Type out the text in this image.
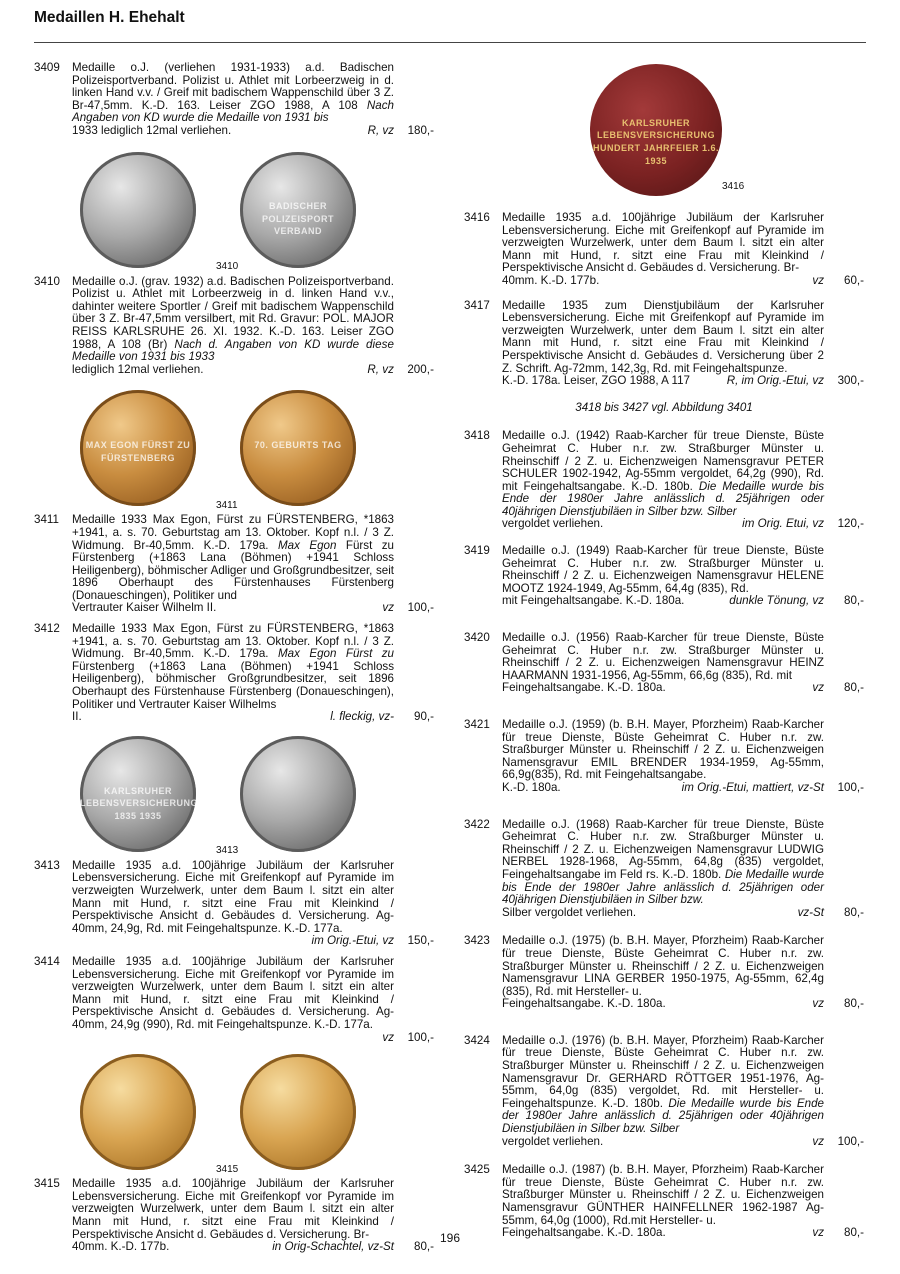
Medaillen H. Ehehalt
3409 Medaille o.J. (verliehen 1931-1933) a.d. Badischen Polizeisportverband. Polizist u. Athlet mit Lorbeerzweig in d. linken Hand v.v. / Greif mit badischem Wappenschild über 3 Z. Br-47,5mm. K.-D. 163. Leiser ZGO 1988, A 108 Nach Angaben von KD wurde die Medaille von 1931 bis
1933 lediglich 12mal verliehen.	R, vz 180,-
BADISCHER POLIZEISPORT VERBAND
3410
3410 Medaille o.J. (grav. 1932) a.d. Badischen Polizeisportverband. Polizist u. Athlet mit Lorbeerzweig in d. linken Hand v.v., dahinter weitere Sportler / Greif mit badischem Wappenschild über 3 Z. Br-47,5mm versilbert, mit Rd. Gravur: POL. MAJOR REISS KARLSRUHE 26. XI. 1932. K.-D. 163. Leiser ZGO 1988, A 108 (Br) Nach d. Angaben von KD wurde diese Medaille von 1931 bis 1933
lediglich 12mal verliehen.	R, vz 200,-
MAX EGON FÜRST ZU FÜRSTENBERG
70. GEBURTS TAG
3411
3411 Medaille 1933 Max Egon, Fürst zu FÜRSTENBERG, *1863 +1941, a. s. 70. Geburtstag am 13. Oktober. Kopf n.l. / 3 Z. Widmung. Br-40,5mm. K.-D. 179a. Max Egon Fürst zu Fürstenberg (+1863 Lana (Böhmen) +1941 Schloss Heiligenberg), böhmischer Adliger und Großgrundbesitzer, seit 1896 Oberhaupt des Fürstenhauses Fürstenberg (Donaueschingen), Politiker und
Vertrauter Kaiser Wilhelm II.	vz 100,-
3412 Medaille 1933 Max Egon, Fürst zu FÜRSTENBERG, *1863 +1941, a. s. 70. Geburtstag am 13. Oktober. Kopf n.l. / 3 Z. Widmung. Br-40,5mm. K.-D. 179a. Max Egon Fürst zu Fürstenberg (+1863 Lana (Böhmen) +1941 Schloss Heiligenberg), böhmischer Großgrundbesitzer, seit 1896 Oberhaupt des Fürstenhause Fürstenberg (Donaueschingen), Politiker und Vertrauter Kaiser Wilhelms
II.	l. fleckig, vz- 90,-
KARLSRUHER LEBENSVERSICHERUNG 1835 1935
3413
3413 Medaille 1935 a.d. 100jährige Jubiläum der Karlsruher Lebensversicherung. Eiche mit Greifenkopf auf Pyramide im verzweigten Wurzelwerk, unter dem Baum l. sitzt ein alter Mann mit Hund, r. sitzt eine Frau mit Kleinkind / Perspektivische Ansicht d. Gebäudes d. Versicherung. Ag-40mm, 24,9g, Rd. mit Feingehaltspunze. K.-D. 177a.
im Orig.-Etui, vz 150,-
3414 Medaille 1935 a.d. 100jährige Jubiläum der Karlsruher Lebensversicherung. Eiche mit Greifenkopf vor Pyramide im verzweigten Wurzelwerk, unter dem Baum l. sitzt ein alter Mann mit Hund, r. sitzt eine Frau mit Kleinkind / Perspektivische Ansicht d. Gebäudes d. Versicherung. Ag-40mm, 24,9g (990), Rd. mit Feingehaltspunze. K.-D. 177a.
vz 100,-
3415
3415 Medaille 1935 a.d. 100jährige Jubiläum der Karlsruher Lebensversicherung. Eiche mit Greifenkopf vor Pyramide im verzweigten Wurzelwerk, unter dem Baum l. sitzt ein alter Mann mit Hund, r. sitzt eine Frau mit Kleinkind / Perspektivische Ansicht d. Gebäudes d. Versicherung. Br-
40mm. K.-D. 177b.	in Orig-Schachtel, vz-St 80,-
KARLSRUHER LEBENSVERSICHERUNG HUNDERT JAHRFEIER 1.6. 1935
3416
3416 Medaille 1935 a.d. 100jährige Jubiläum der Karlsruher Lebensversicherung. Eiche mit Greifenkopf auf Pyramide im verzweigten Wurzelwerk, unter dem Baum l. sitzt ein alter Mann mit Hund, r. sitzt eine Frau mit Kleinkind / Perspektivische Ansicht d. Gebäudes d. Versicherung. Br-
40mm. K.-D. 177b.	vz 60,-
3417 Medaille 1935 zum Dienstjubiläum der Karlsruher Lebensversicherung. Eiche mit Greifenkopf auf Pyramide im verzweigten Wurzelwerk, unter dem Baum l. sitzt ein alter Mann mit Hund, r. sitzt eine Frau mit Kleinkind / Perspektivische Ansicht d. Gebäudes d. Versicherung über 2 Z. Schrift. Ag-72mm, 142,3g, Rd. mit Feingehaltspunze.
K.-D. 178a. Leiser, ZGO 1988, A 117	R, im Orig.-Etui, vz 300,-
3418 bis 3427 vgl. Abbildung 3401
3418 Medaille o.J. (1942) Raab-Karcher für treue Dienste, Büste Geheimrat C. Huber n.r. zw. Straßburger Münster u. Rheinschiff / 2 Z. u. Eichenzweigen Namensgravur PETER SCHULER 1902-1942, Ag-55mm vergoldet, 64,2g (990), Rd. mit Feingehaltsangabe. K.-D. 180b. Die Medaille wurde bis Ende der 1980er Jahre anlässlich d. 25jährigen oder 40jährigen Dienstjubiläen in Silber bzw. Silber
vergoldet verliehen.	im Orig. Etui, vz 120,-
3419 Medaille o.J. (1949) Raab-Karcher für treue Dienste, Büste Geheimrat C. Huber n.r. zw. Straßburger Münster u. Rheinschiff / 2 Z. u. Eichenzweigen Namensgravur HELENE MOOTZ 1924-1949, Ag-55mm, 64,4g (835), Rd.
mit Feingehaltsangabe. K.-D. 180a.	dunkle Tönung, vz 80,-
3420 Medaille o.J. (1956) Raab-Karcher für treue Dienste, Büste Geheimrat C. Huber n.r. zw. Straßburger Münster u. Rheinschiff / 2 Z. u. Eichenzweigen Namensgravur HEINZ HAARMANN 1931-1956, Ag-55mm, 66,6g (835), Rd. mit
Feingehaltsangabe. K.-D. 180a.	vz 80,-
3421 Medaille o.J. (1959) (b. B.H. Mayer, Pforzheim) Raab-Karcher für treue Dienste, Büste Geheimrat C. Huber n.r. zw. Straßburger Münster u. Rheinschiff / 2 Z. u. Eichenzweigen Namensgravur EMIL BRENDER 1934-1959, Ag-55mm, 66,9g(835), Rd. mit Feingehaltsangabe.
K.-D. 180a.	im Orig.-Etui, mattiert, vz-St 100,-
3422 Medaille o.J. (1968) Raab-Karcher für treue Dienste, Büste Geheimrat C. Huber n.r. zw. Straßburger Münster u. Rheinschiff / 2 Z. u. Eichenzweigen Namensgravur LUDWIG NERBEL 1928-1968, Ag-55mm, 64,8g (835) vergoldet, Feingehaltsangabe im Feld rs. K.-D. 180b. Die Medaille wurde bis Ende der 1980er Jahre anlässlich d. 25jährigen oder 40jährigen Dienstjubiläen in Silber bzw.
Silber vergoldet verliehen.	vz-St 80,-
3423 Medaille o.J. (1975) (b. B.H. Mayer, Pforzheim) Raab-Karcher für treue Dienste, Büste Geheimrat C. Huber n.r. zw. Straßburger Münster u. Rheinschiff / 2 Z. u. Eichenzweigen Namensgravur LINA GERBER 1950-1975, Ag-55mm, 62,4g (835), Rd. mit Hersteller- u.
Feingehaltsangabe. K.-D. 180a.	vz 80,-
3424 Medaille o.J. (1976) (b. B.H. Mayer, Pforzheim) Raab-Karcher für treue Dienste, Büste Geheimrat C. Huber n.r. zw. Straßburger Münster u. Rheinschiff / 2 Z. u. Eichenzweigen Namensgravur Dr. GERHARD RÖTTGER 1951-1976, Ag-55mm, 64,0g (835) vergoldet, Rd. mit Hersteller- u. Feingehaltspunze. K.-D. 180b. Die Medaille wurde bis Ende der 1980er Jahre anlässlich d. 25jährigen oder 40jährigen Dienstjubiläen in Silber bzw. Silber
vergoldet verliehen.	vz 100,-
3425 Medaille o.J. (1987) (b. B.H. Mayer, Pforzheim) Raab-Karcher für treue Dienste, Büste Geheimrat C. Huber n.r. zw. Straßburger Münster u. Rheinschiff / 2 Z. u. Eichenzweigen Namensgravur GÜNTHER HAINFELLNER 1962-1987 Ag-55mm, 64,0g (1000), Rd.mit Hersteller- u.
Feingehaltsangabe. K.-D. 180a.	vz 80,-
196
